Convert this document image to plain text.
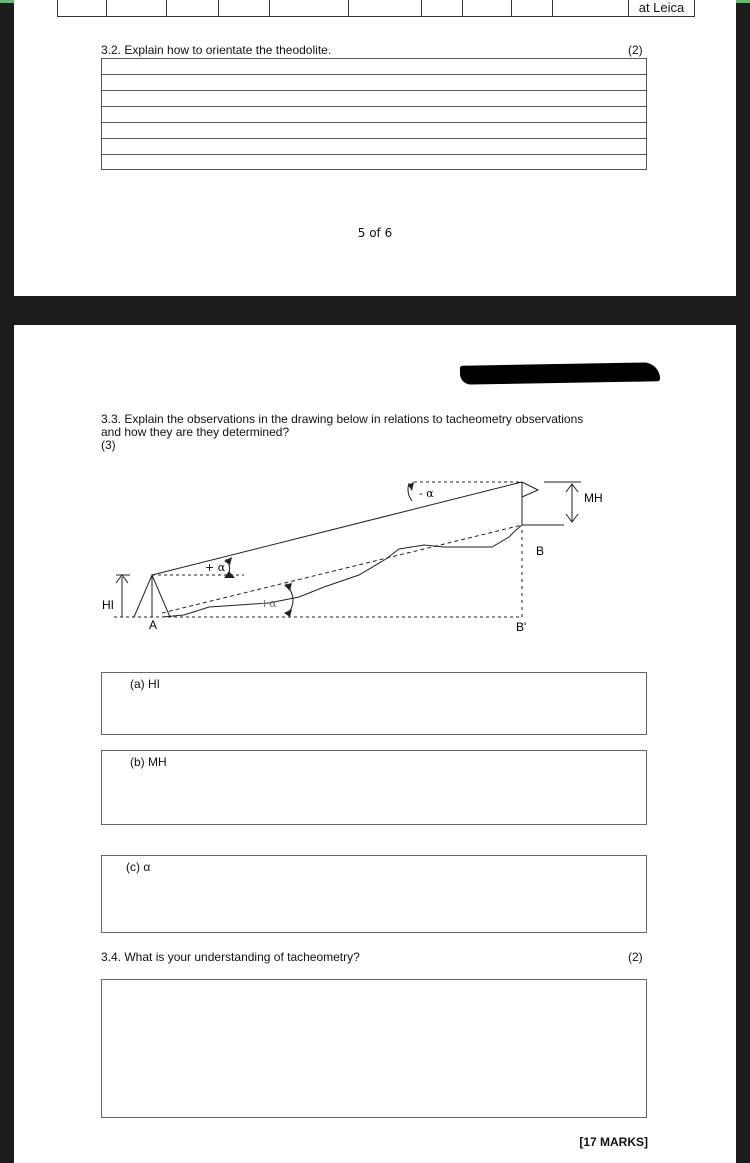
at Leica
3.2. Explain how to orientate the theodolite.	(2)
5 of 6
3.3. Explain the observations in the drawing below in relations to tacheometry observations
and how they are they determined?
(3)
- α
+ α
+α
HI
A
B
B'
MH
(a) HI
(b) MH
(c) α
3.4. What is your understanding of tacheometry?	(2)
[17 MARKS]
